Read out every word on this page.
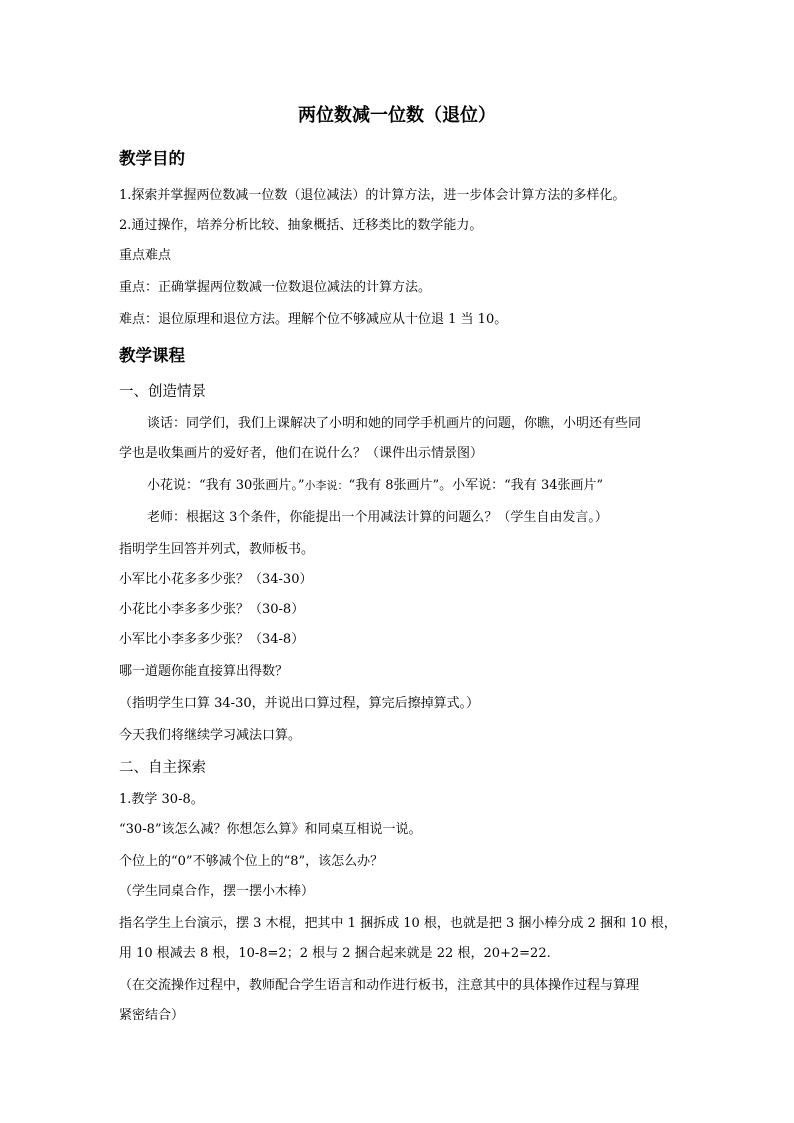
两位数减一位数（退位）
教学目的
1.探索并掌握两位数减一位数（退位减法）的计算方法，进一步体会计算方法的多样化。
2.通过操作，培养分析比较、抽象概括、迁移类比的数学能力。
重点难点
重点：正确掌握两位数减一位数退位减法的计算方法。
难点：退位原理和退位方法。理解个位不够减应从十位退 1 当 10。
教学课程
一、创造情景
谈话：同学们，我们上课解决了小明和她的同学手机画片的问题，你瞧，小明还有些同
学也是收集画片的爱好者，他们在说什么？（课件出示情景图）
小花说：“我有 30张画片。”小李说：“我有 8张画片”。小军说：“我有 34张画片”
老师：根据这 3个条件，你能提出一个用减法计算的问题么？（学生自由发言。）
指明学生回答并列式，教师板书。
小军比小花多多少张？（34-30）
小花比小李多多少张？（30-8）
小军比小李多多少张？（34-8）
哪一道题你能直接算出得数？
（指明学生口算 34-30，并说出口算过程，算完后擦掉算式。）
今天我们将继续学习减法口算。
二、自主探索
1.教学 30-8。
“30-8”该怎么减？你想怎么算》和同桌互相说一说。
个位上的“0”不够减个位上的“8”，该怎么办？
（学生同桌合作，摆一摆小木棒）
指名学生上台演示，摆 3 木棍，把其中 1 捆拆成 10 根，也就是把 3 捆小棒分成 2 捆和 10 根，
用 10 根减去 8 根，10-8=2；2 根与 2 捆合起来就是 22 根，20+2=22.
（在交流操作过程中，教师配合学生语言和动作进行板书，注意其中的具体操作过程与算理
紧密结合）
